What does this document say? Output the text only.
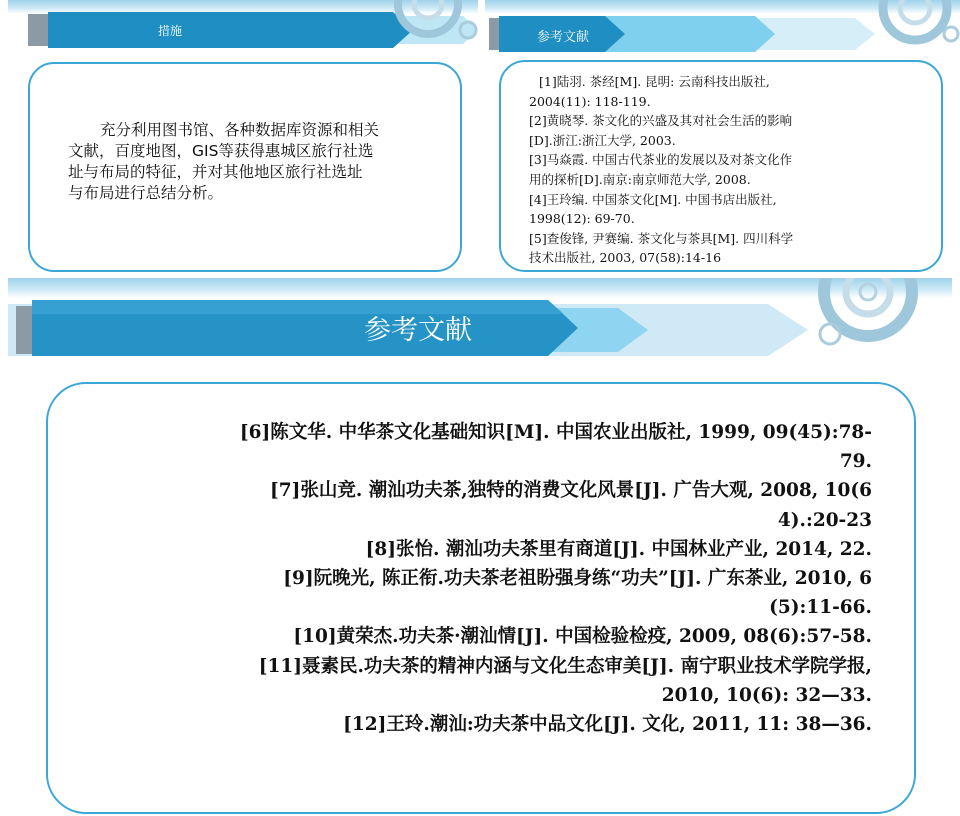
措施
充分利用图书馆、各种数据库资源和相关
文献，百度地图，GIS等获得惠城区旅行社选
址与布局的特征，并对其他地区旅行社选址
与布局进行总结分析。
参考文献
[1]陆羽. 茶经[M]. 昆明: 云南科技出版社,
2004(11): 118-119.
[2]黄晓琴. 茶文化的兴盛及其对社会生活的影响
[D].浙江:浙江大学, 2003.
[3]马焱霞. 中国古代茶业的发展以及对茶文化作
用的探析[D].南京:南京师范大学, 2008.
[4]王玲编. 中国茶文化[M]. 中国书店出版社,
1998(12): 69-70.
[5]查俊锋, 尹赛编. 茶文化与茶具[M]. 四川科学
技术出版社, 2003, 07(58):14-16
参考文献
[6]陈文华. 中华茶文化基础知识[M]. 中国农业出版社, 1999, 09(45):78-
79.
[7]张山竞. 潮汕功夫茶,独特的消费文化风景[J]. 广告大观, 2008, 10(6
4).:20-23
[8]张怡. 潮汕功夫茶里有商道[J]. 中国林业产业, 2014, 22.
[9]阮晚光, 陈正衔.功夫茶老祖盼强身练“功夫”[J]. 广东茶业, 2010, 6
(5):11-66.
[10]黄荣杰.功夫茶·潮汕情[J]. 中国检验检疫, 2009, 08(6):57-58.
[11]聂素民.功夫茶的精神内涵与文化生态审美[J]. 南宁职业技术学院学报,
2010, 10(6): 32—33.
[12]王玲.潮汕:功夫茶中品文化[J]. 文化, 2011, 11: 38—36.
